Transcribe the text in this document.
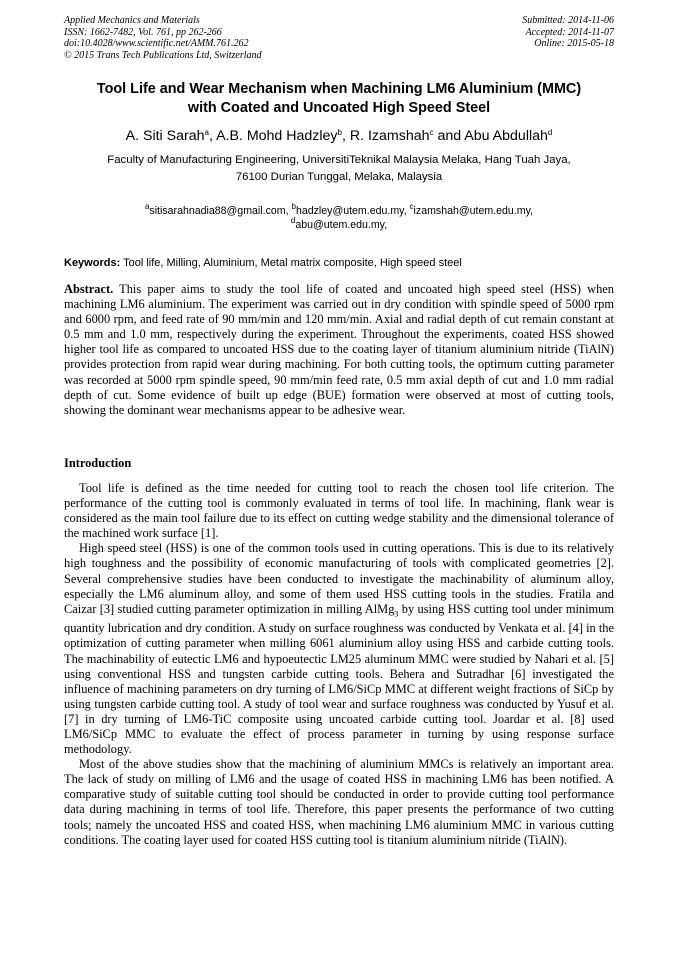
Applied Mechanics and Materials
ISSN: 1662-7482, Vol. 761, pp 262-266
doi:10.4028/www.scientific.net/AMM.761.262
© 2015 Trans Tech Publications Ltd, Switzerland
Submitted: 2014-11-06
Accepted: 2014-11-07
Online: 2015-05-18
Tool Life and Wear Mechanism when Machining LM6 Aluminium (MMC)
with Coated and Uncoated High Speed Steel
A. Siti Sarah$^a$, A.B. Mohd Hadzley$^b$, R. Izamshah$^c$ and Abu Abdullah$^d$
Faculty of Manufacturing Engineering, UniversitiTeknikal Malaysia Melaka, Hang Tuah Jaya,
76100 Durian Tunggal, Melaka, Malaysia
$^a$sitisarahnadia88@gmail.com, $^b$hadzley@utem.edu.my, $^c$izamshah@utem.edu.my,
$^d$abu@utem.edu.my,
Keywords: Tool life, Milling, Aluminium, Metal matrix composite, High speed steel

Abstract. This paper aims to study the tool life of coated and uncoated high speed steel (HSS) when machining LM6 aluminium. The experiment was carried out in dry condition with spindle speed of 5000 rpm and 6000 rpm, and feed rate of 90 mm/min and 120 mm/min. Axial and radial depth of cut remain constant at 0.5 mm and 1.0 mm, respectively during the experiment. Throughout the experiments, coated HSS showed higher tool life as compared to uncoated HSS due to the coating layer of titanium aluminium nitride (TiAlN) provides protection from rapid wear during machining. For both cutting tools, the optimum cutting parameter was recorded at 5000 rpm spindle speed, 90 mm/min feed rate, 0.5 mm axial depth of cut and 1.0 mm radial depth of cut. Some evidence of built up edge (BUE) formation were observed at most of cutting tools, showing the dominant wear mechanisms appear to be adhesive wear.

Introduction

Tool life is defined as the time needed for cutting tool to reach the chosen tool life criterion. The performance of the cutting tool is commonly evaluated in terms of tool life. In machining, flank wear is considered as the main tool failure due to its effect on cutting wedge stability and the dimensional tolerance of the machined work surface [1].

High speed steel (HSS) is one of the common tools used in cutting operations. This is due to its relatively high toughness and the possibility of economic manufacturing of tools with complicated geometries [2]. Several comprehensive studies have been conducted to investigate the machinability of aluminum alloy, especially the LM6 aluminum alloy, and some of them used HSS cutting tools in the studies. Fratila and Caizar [3] studied cutting parameter optimization in milling AlMg$_3$ by using HSS cutting tool under minimum quantity lubrication and dry condition. A study on surface roughness was conducted by Venkata et al. [4] in the optimization of cutting parameter when milling 6061 aluminium alloy using HSS and carbide cutting tools. The machinability of eutectic LM6 and hypoeutectic LM25 aluminum MMC were studied by Nahari et al. [5] using conventional HSS and tungsten carbide cutting tools. Behera and Sutradhar [6] investigated the influence of machining parameters on dry turning of LM6/SiCp MMC at different weight fractions of SiCp by using tungsten carbide cutting tool. A study of tool wear and surface roughness was conducted by Yusuf et al. [7] in dry turning of LM6-TiC composite using uncoated carbide cutting tool. Joardar et al. [8] used LM6/SiCp MMC to evaluate the effect of process parameter in turning by using response surface methodology.

Most of the above studies show that the machining of aluminium MMCs is relatively an important area. The lack of study on milling of LM6 and the usage of coated HSS in machining LM6 has been notified. A comparative study of suitable cutting tool should be conducted in order to provide cutting tool performance data during machining in terms of tool life. Therefore, this paper presents the performance of two cutting tools; namely the uncoated HSS and coated HSS, when machining LM6 aluminium MMC in various cutting conditions. The coating layer used for coated HSS cutting tool is titanium aluminium nitride (TiAlN).
